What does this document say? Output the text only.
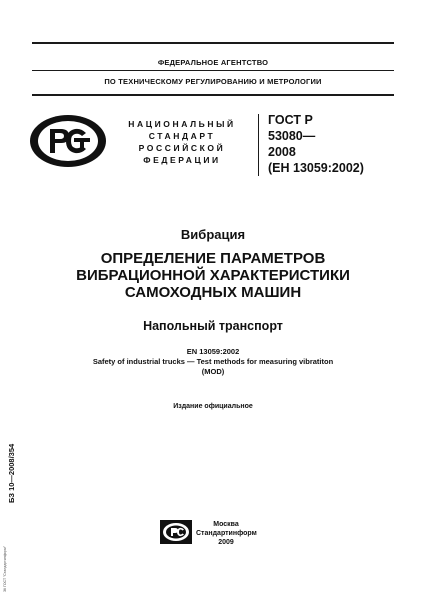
ФЕДЕРАЛЬНОЕ АГЕНТСТВО
ПО ТЕХНИЧЕСКОМУ РЕГУЛИРОВАНИЮ И МЕТРОЛОГИИ
НАЦИОНАЛЬНЫЙ
СТАНДАРТ
РОССИЙСКОЙ
ФЕДЕРАЦИИ
ГОСТ Р
53080—
2008
(ЕН 13059:2002)
Вибрация
ОПРЕДЕЛЕНИЕ ПАРАМЕТРОВ
ВИБРАЦИОННОЙ ХАРАКТЕРИСТИКИ
САМОХОДНЫХ МАШИН
Напольный транспорт
EN 13059:2002
Safety of industrial trucks — Test methods for measuring vibratiton
(MOD)
Издание официальное
БЗ 10—2008/354
ЗК ГОСТ "Стандартинформ"
Москва
Стандартинформ
2009
